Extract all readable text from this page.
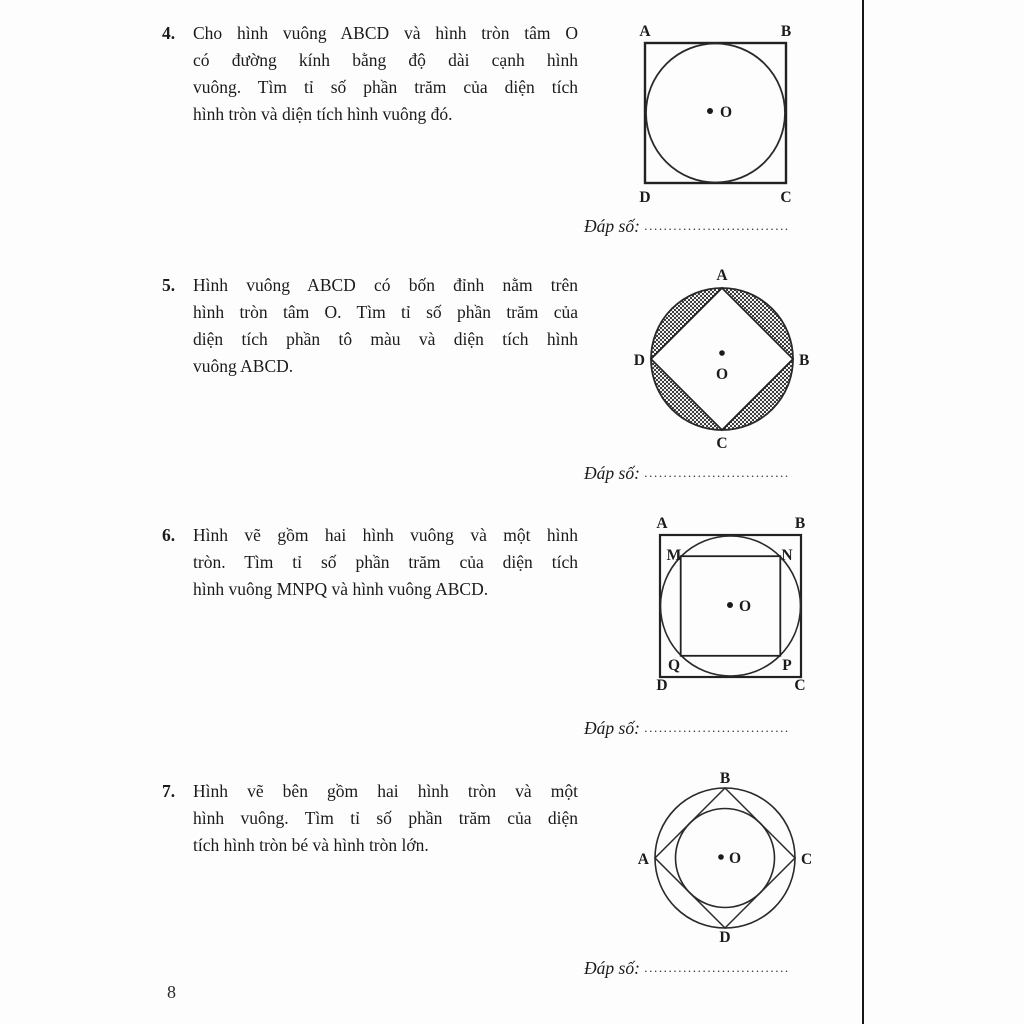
4.	Cho hình vuông ABCD và hình tròn tâm O
có đường kính bằng độ dài cạnh hình
vuông. Tìm tỉ số phần trăm của diện tích
hình tròn và diện tích hình vuông đó.
A	B
D	C
O
Đáp số: ..............................
5.	Hình vuông ABCD có bốn đỉnh nằm trên
hình tròn tâm O. Tìm tỉ số phần trăm của
diện tích phần tô màu và diện tích hình
vuông ABCD.
A
B
C
D
O
Đáp số: ..............................
6.	Hình vẽ gồm hai hình vuông và một hình
tròn. Tìm tỉ số phần trăm của diện tích
hình vuông MNPQ và hình vuông ABCD.
A	B
D	C
M	N
Q	P
O
Đáp số: ..............................
7.	Hình vẽ bên gồm hai hình tròn và một
hình vuông. Tìm tỉ số phần trăm của diện
tích hình tròn bé và hình tròn lớn.
B
A	C
D
O
Đáp số: ..............................
8
